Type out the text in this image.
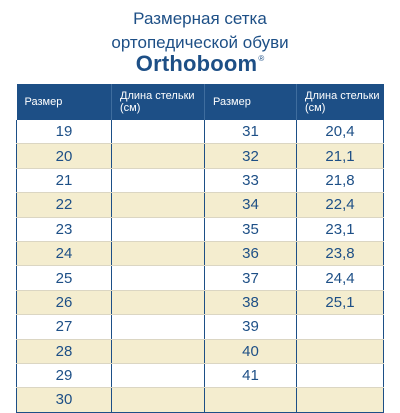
Размерная сетка
ортопедической обуви
Orthoboom®
Размер	Длина стельки (см)	Размер	Длина стельки (см)
19		31	20,4
20		32	21,1
21		33	21,8
22		34	22,4
23		35	23,1
24		36	23,8
25		37	24,4
26		38	25,1
27		39	
28		40	
29		41	
30			
